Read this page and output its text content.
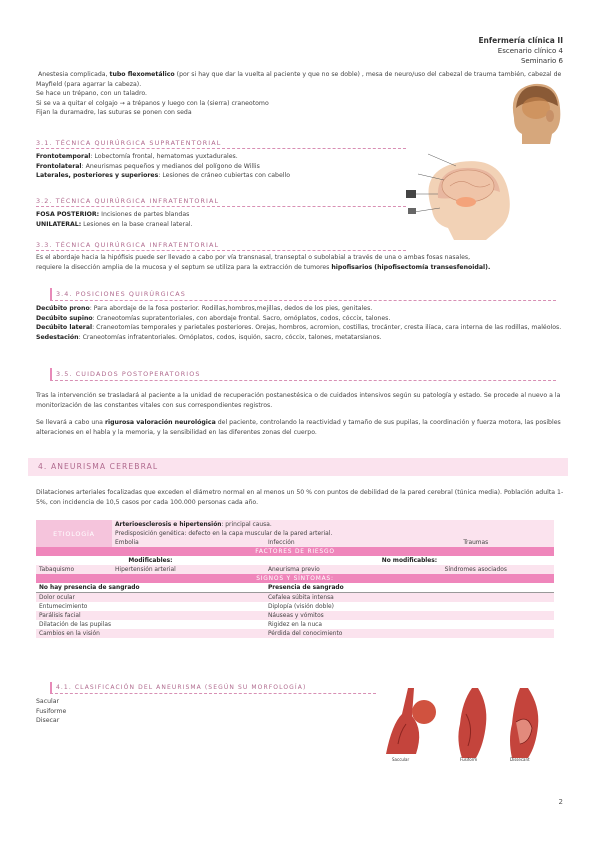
Enfermería clínica II
Escenario clínico 4
Seminario 6
Anestesia complicada, tubo flexometálico (por si hay que dar la vuelta al paciente y que no se doble) , mesa de neuro/uso del cabezal de trauma también, cabezal de Mayfield (para agarrar la cabeza).
Se hace un trépano, con un taladro.
Si se va a quitar el colgajo → a trépanos y luego con la (sierra) craneotomo
Fijan la duramadre, las suturas se ponen con seda
3.1. TÉCNICA QUIRÚRGICA SUPRATENTORIAL
Frontotemporal: Lobectomía frontal, hematomas yuxtadurales.
Frontolateral: Aneurismas pequeños y medianos del polígono de Willis
Laterales, posteriores y superiores: Lesiones de cráneo cubiertas con cabello
3.2. TÉCNICA QUIRÚRGICA INFRATENTORIAL
FOSA POSTERIOR: Incisiones de partes blandas
UNILATERAL: Lesiones en la base craneal lateral.
3.3. TÉCNICA QUIRÚRGICA INFRATENTORIAL
Es el abordaje hacia la hipófisis puede ser llevado a cabo por vía transnasal, transeptal o subolabial a través de una o ambas fosas nasales,
requiere la disección amplia de la mucosa y el septum se utiliza para la extracción de tumores hipofisarios (hipofisectomía transesfenoidal).
3.4. POSICIONES QUIRÚRGICAS
Decúbito prono: Para abordaje de la fosa posterior. Rodillas,hombros,mejillas, dedos de los pies, genitales.
Decúbito supino: Craneotomías supratentoriales, con abordaje frontal. Sacro, omóplatos, codos, cóccix, talones.
Decúbito lateral: Craneotomías temporales y parietales posteriores. Orejas, hombros, acromion, costillas, trocánter, cresta ilíaca, cara interna de las rodillas, maléolos.
Sedestación: Craneotomías infratentoriales. Omóplatos, codos, isquión, sacro, cóccix, talones, metatarsianos.
3.5. CUIDADOS POSTOPERATORIOS
Tras la intervención se trasladará al paciente a la unidad de recuperación postanestésica o de cuidados intensivos según su patología y estado. Se procede al nuevo a la monitorización de las constantes vitales con sus correspondientes registros.
Se llevará a cabo una rigurosa valoración neurológica del paciente, controlando la reactividad y tamaño de sus pupilas, la coordinación y fuerza motora, las posibles alteraciones en el habla y la memoria, y la sensibilidad en las diferentes zonas del cuerpo.
4. ANEURISMA CEREBRAL
Dilataciones arteriales focalizadas que exceden el diámetro normal en al menos un 50 % con puntos de debilidad de la pared cerebral (túnica media). Población adulta 1-5%, con incidencia de 10,5 casos por cada 100.000 personas cada año.
ETIOLOGÍA	Arterioesclerosis e hipertensión: principal causa.		
	Predisposición genética: defecto en la capa muscular de la pared arterial.		
	Embolia	Infección	Traumas
FACTORES DE RIESGO			
Modificables:		No modificables:	
Tabaquismo	Hipertensión arterial	Aneurisma previo	Síndromes asociados
SIGNOS Y SÍNTOMAS:			
No hay presencia de sangrado		Presencia de sangrado	
Dolor ocular		Cefalea súbita intensa	
Entumecimiento		Diplopía (visión doble)	
Parálisis facial		Náuseas y vómitos	
Dilatación de las pupilas		Rigidez en la nuca	
Cambios en la visión		Pérdida del conocimiento	
4.1. CLASIFICACIÓN DEL ANEURISMA (SEGÚN SU MORFOLOGÍA)
Sacular
Fusiforme
Disecar
Saccular	Fusiform	Dissecant
2
